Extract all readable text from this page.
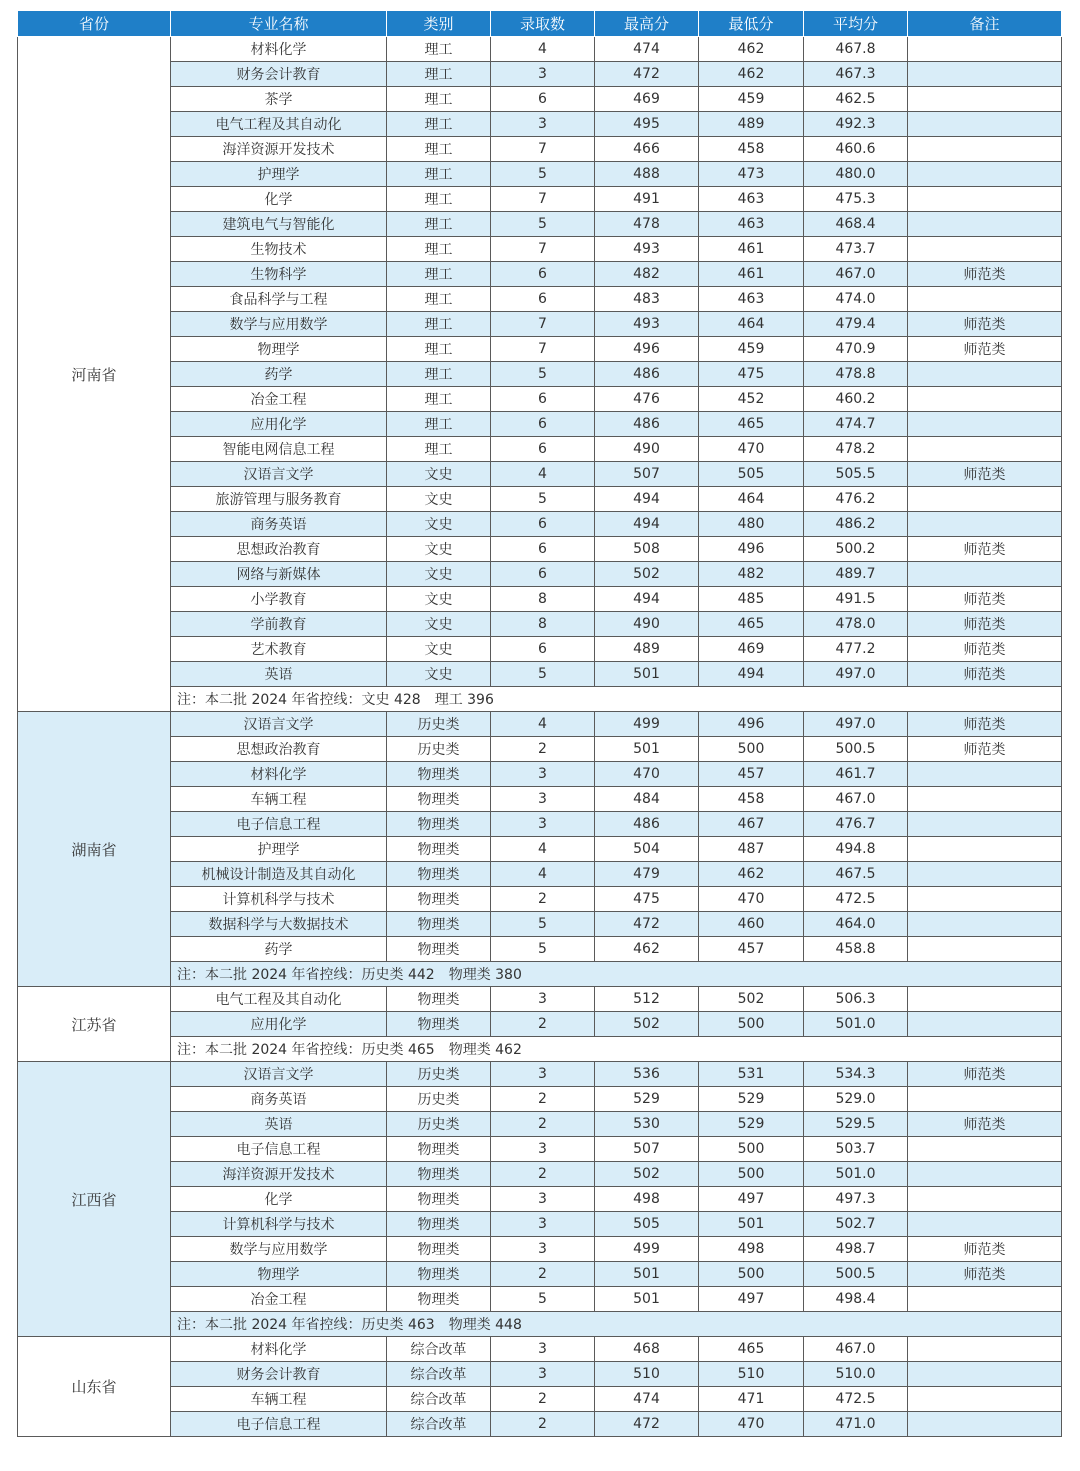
省份	专业名称	类别	录取数	最高分	最低分	平均分	备注
河南省	材料化学	理工	4	474	462	467.8	
	财务会计教育	理工	3	472	462	467.3	
	茶学	理工	6	469	459	462.5	
	电气工程及其自动化	理工	3	495	489	492.3	
	海洋资源开发技术	理工	7	466	458	460.6	
	护理学	理工	5	488	473	480.0	
	化学	理工	7	491	463	475.3	
	建筑电气与智能化	理工	5	478	463	468.4	
	生物技术	理工	7	493	461	473.7	
	生物科学	理工	6	482	461	467.0	师范类
	食品科学与工程	理工	6	483	463	474.0	
	数学与应用数学	理工	7	493	464	479.4	师范类
	物理学	理工	7	496	459	470.9	师范类
	药学	理工	5	486	475	478.8	
	冶金工程	理工	6	476	452	460.2	
	应用化学	理工	6	486	465	474.7	
	智能电网信息工程	理工	6	490	470	478.2	
	汉语言文学	文史	4	507	505	505.5	师范类
	旅游管理与服务教育	文史	5	494	464	476.2	
	商务英语	文史	6	494	480	486.2	
	思想政治教育	文史	6	508	496	500.2	师范类
	网络与新媒体	文史	6	502	482	489.7	
	小学教育	文史	8	494	485	491.5	师范类
	学前教育	文史	8	490	465	478.0	师范类
	艺术教育	文史	6	489	469	477.2	师范类
	英语	文史	5	501	494	497.0	师范类
	注：本二批 2024 年省控线：文史 428　理工 396						
湖南省	汉语言文学	历史类	4	499	496	497.0	师范类
	思想政治教育	历史类	2	501	500	500.5	师范类
	材料化学	物理类	3	470	457	461.7	
	车辆工程	物理类	3	484	458	467.0	
	电子信息工程	物理类	3	486	467	476.7	
	护理学	物理类	4	504	487	494.8	
	机械设计制造及其自动化	物理类	4	479	462	467.5	
	计算机科学与技术	物理类	2	475	470	472.5	
	数据科学与大数据技术	物理类	5	472	460	464.0	
	药学	物理类	5	462	457	458.8	
	注：本二批 2024 年省控线：历史类 442　物理类 380						
江苏省	电气工程及其自动化	物理类	3	512	502	506.3	
	应用化学	物理类	2	502	500	501.0	
	注：本二批 2024 年省控线：历史类 465　物理类 462						
江西省	汉语言文学	历史类	3	536	531	534.3	师范类
	商务英语	历史类	2	529	529	529.0	
	英语	历史类	2	530	529	529.5	师范类
	电子信息工程	物理类	3	507	500	503.7	
	海洋资源开发技术	物理类	2	502	500	501.0	
	化学	物理类	3	498	497	497.3	
	计算机科学与技术	物理类	3	505	501	502.7	
	数学与应用数学	物理类	3	499	498	498.7	师范类
	物理学	物理类	2	501	500	500.5	师范类
	冶金工程	物理类	5	501	497	498.4	
	注：本二批 2024 年省控线：历史类 463　物理类 448						
山东省	材料化学	综合改革	3	468	465	467.0	
	财务会计教育	综合改革	3	510	510	510.0	
	车辆工程	综合改革	2	474	471	472.5	
	电子信息工程	综合改革	2	472	470	471.0	
